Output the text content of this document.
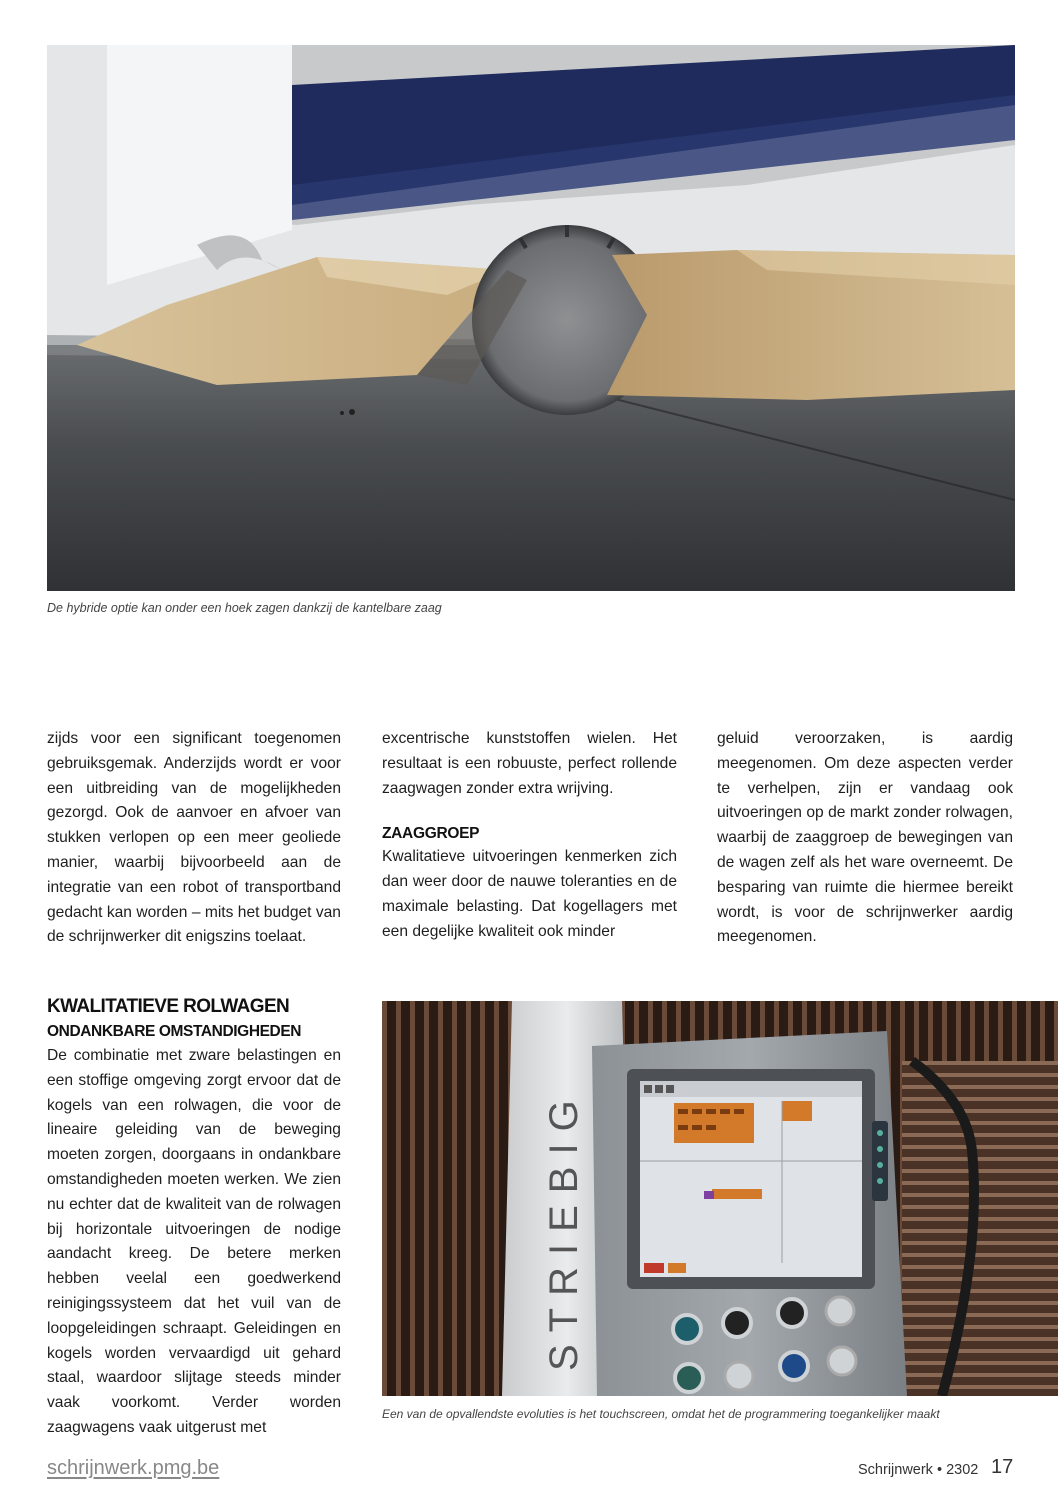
De hybride optie kan onder een hoek zagen dankzij de kantelbare zaag

zijds voor een significant toegenomen gebruiksgemak. Anderzijds wordt er voor een uitbreiding van de mogelijkheden gezorgd. Ook de aanvoer en afvoer van stukken verlopen op een meer geoliede manier, waarbij bijvoorbeeld aan de integratie van een robot of transportband gedacht kan worden – mits het budget van de schrijnwerker dit enigszins toelaat.

KWALITATIEVE ROLWAGEN
ONDANKBARE OMSTANDIGHEDEN

De combinatie met zware belastingen en een stoffige omgeving zorgt ervoor dat de kogels van een rolwagen, die voor de lineaire geleiding van de beweging moeten zorgen, doorgaans in ondankbare omstandigheden moeten werken. We zien nu echter dat de kwaliteit van de rolwagen bij horizontale uitvoeringen de nodige aandacht kreeg. De betere merken hebben veelal een goedwerkend reinigingssysteem dat het vuil van de loopgeleidingen schraapt. Geleidingen en kogels worden vervaardigd uit gehard staal, waardoor slijtage steeds minder vaak voorkomt. Verder worden zaagwagens vaak uitgerust met

excentrische kunststoffen wielen. Het resultaat is een robuuste, perfect rollende zaagwagen zonder extra wrijving.

ZAAGGROEP

Kwalitatieve uitvoeringen kenmerken zich dan weer door de nauwe toleranties en de maximale belasting. Dat kogellagers met een degelijke kwaliteit ook minder

geluid veroorzaken, is aardig meegenomen. Om deze aspecten verder te verhelpen, zijn er vandaag ook uitvoeringen op de markt zonder rolwagen, waarbij de zaaggroep de bewegingen van de wagen zelf als het ware overneemt. De besparing van ruimte die hiermee bereikt wordt, is voor de schrijnwerker aardig meegenomen.

STRIEBIG
Een van de opvallendste evoluties is het touchscreen, omdat het de programmering toegankelijker maakt
schrijnwerk.pmg.be	Schrijnwerk • 2302 17
